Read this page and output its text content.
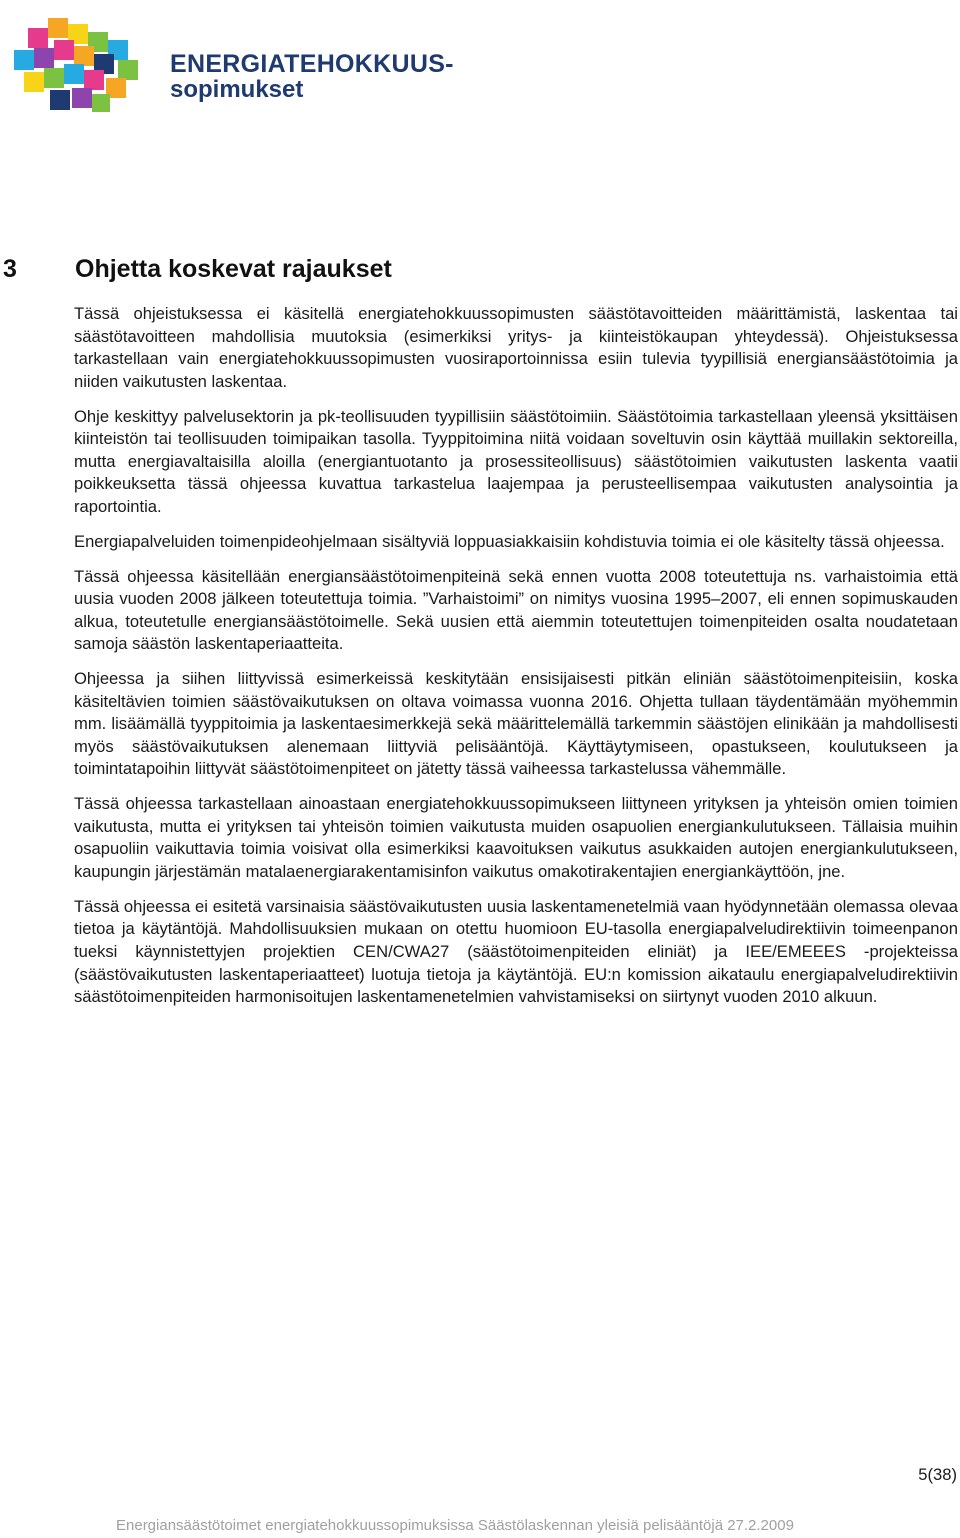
ENERGIATEHOKKUUS-
sopimukset
3 Ohjetta koskevat rajaukset

Tässä ohjeistuksessa ei käsitellä energiatehokkuussopimusten säästötavoitteiden määrittämistä, laskentaa tai säästötavoitteen mahdollisia muutoksia (esimerkiksi yritys- ja kiinteistökaupan yhteydessä). Ohjeistuksessa tarkastellaan vain energiatehokkuussopimusten vuosiraportoinnissa esiin tulevia tyypillisiä energiansäästötoimia ja niiden vaikutusten laskentaa.

Ohje keskittyy palvelusektorin ja pk-teollisuuden tyypillisiin säästötoimiin. Säästötoimia tarkastellaan yleensä yksittäisen kiinteistön tai teollisuuden toimipaikan tasolla. Tyyppitoimina niitä voidaan soveltuvin osin käyttää muillakin sektoreilla, mutta energiavaltaisilla aloilla (energiantuotanto ja prosessiteollisuus) säästötoimien vaikutusten laskenta vaatii poikkeuksetta tässä ohjeessa kuvattua tarkastelua laajempaa ja perusteellisempaa vaikutusten analysointia ja raportointia.

Energiapalveluiden toimenpideohjelmaan sisältyviä loppuasiakkaisiin kohdistuvia toimia ei ole käsitelty tässä ohjeessa.

Tässä ohjeessa käsitellään energiansäästötoimenpiteinä sekä ennen vuotta 2008 toteutettuja ns. varhaistoimia että uusia vuoden 2008 jälkeen toteutettuja toimia. ”Varhaistoimi” on nimitys vuosina 1995–2007, eli ennen sopimuskauden alkua, toteutetulle energiansäästötoimelle. Sekä uusien että aiemmin toteutettujen toimenpiteiden osalta noudatetaan samoja säästön laskentaperiaatteita.

Ohjeessa ja siihen liittyvissä esimerkeissä keskitytään ensisijaisesti pitkän eliniän säästötoimenpiteisiin, koska käsiteltävien toimien säästövaikutuksen on oltava voimassa vuonna 2016. Ohjetta tullaan täydentämään myöhemmin mm. lisäämällä tyyppitoimia ja laskentaesimerkkejä sekä määrittelemällä tarkemmin säästöjen elinikään ja mahdollisesti myös säästövaikutuksen alenemaan liittyviä pelisääntöjä. Käyttäytymiseen, opastukseen, koulutukseen ja toimintatapoihin liittyvät säästötoimenpiteet on jätetty tässä vaiheessa tarkastelussa vähemmälle.

Tässä ohjeessa tarkastellaan ainoastaan energiatehokkuussopimukseen liittyneen yrityksen ja yhteisön omien toimien vaikutusta, mutta ei yrityksen tai yhteisön toimien vaikutusta muiden osapuolien energiankulutukseen. Tällaisia muihin osapuoliin vaikuttavia toimia voisivat olla esimerkiksi kaavoituksen vaikutus asukkaiden autojen energiankulutukseen, kaupungin järjestämän matalaenergiarakentamisinfon vaikutus omakotirakentajien energiankäyttöön, jne.

Tässä ohjeessa ei esitetä varsinaisia säästövaikutusten uusia laskentamenetelmiä vaan hyödynnetään olemassa olevaa tietoa ja käytäntöjä. Mahdollisuuksien mukaan on otettu huomioon EU-tasolla energiapalveludirektiivin toimeenpanon tueksi käynnistettyjen projektien CEN/CWA27 (säästötoimenpiteiden eliniät) ja IEE/EMEEES -projekteissa (säästövaikutusten laskentaperiaatteet) luotuja tietoja ja käytäntöjä. EU:n komission aikataulu energiapalveludirektiivin säästötoimenpiteiden harmonisoitujen laskentamenetelmien vahvistamiseksi on siirtynyt vuoden 2010 alkuun.

5(38)
Energiansäästötoimet energiatehokkuussopimuksissa Säästölaskennan yleisiä pelisääntöjä 27.2.2009
